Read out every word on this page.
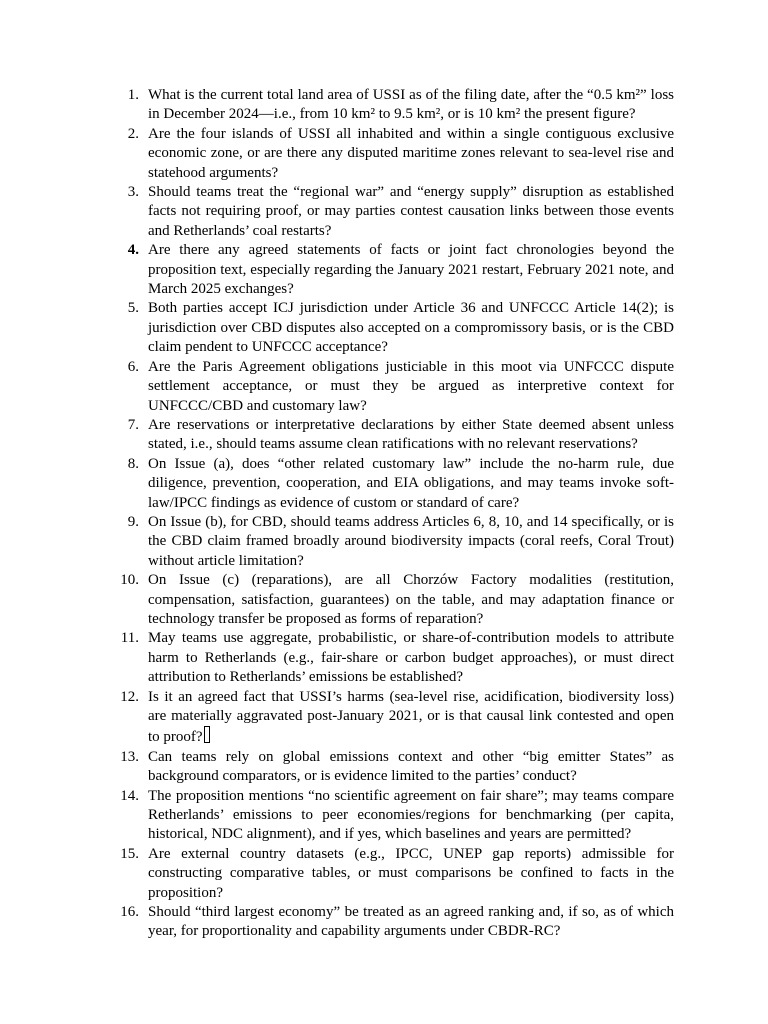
1. What is the current total land area of USSI as of the filing date, after the “0.5 km²” loss in December 2024—i.e., from 10 km² to 9.5 km², or is 10 km² the present figure?
2. Are the four islands of USSI all inhabited and within a single contiguous exclusive economic zone, or are there any disputed maritime zones relevant to sea-level rise and statehood arguments?
3. Should teams treat the “regional war” and “energy supply” disruption as established facts not requiring proof, or may parties contest causation links between those events and Retherlands’ coal restarts?
4. Are there any agreed statements of facts or joint fact chronologies beyond the proposition text, especially regarding the January 2021 restart, February 2021 note, and March 2025 exchanges?
5. Both parties accept ICJ jurisdiction under Article 36 and UNFCCC Article 14(2); is jurisdiction over CBD disputes also accepted on a compromissory basis, or is the CBD claim pendent to UNFCCC acceptance?
6. Are the Paris Agreement obligations justiciable in this moot via UNFCCC dispute settlement acceptance, or must they be argued as interpretive context for UNFCCC/CBD and customary law?
7. Are reservations or interpretative declarations by either State deemed absent unless stated, i.e., should teams assume clean ratifications with no relevant reservations?
8. On Issue (a), does “other related customary law” include the no-harm rule, due diligence, prevention, cooperation, and EIA obligations, and may teams invoke soft-law/IPCC findings as evidence of custom or standard of care?
9. On Issue (b), for CBD, should teams address Articles 6, 8, 10, and 14 specifically, or is the CBD claim framed broadly around biodiversity impacts (coral reefs, Coral Trout) without article limitation?
10. On Issue (c) (reparations), are all Chorzów Factory modalities (restitution, compensation, satisfaction, guarantees) on the table, and may adaptation finance or technology transfer be proposed as forms of reparation?
11. May teams use aggregate, probabilistic, or share-of-contribution models to attribute harm to Retherlands (e.g., fair-share or carbon budget approaches), or must direct attribution to Retherlands’ emissions be established?
12. Is it an agreed fact that USSI’s harms (sea-level rise, acidification, biodiversity loss) are materially aggravated post-January 2021, or is that causal link contested and open to proof?
13. Can teams rely on global emissions context and other “big emitter States” as background comparators, or is evidence limited to the parties’ conduct?
14. The proposition mentions “no scientific agreement on fair share”; may teams compare Retherlands’ emissions to peer economies/regions for benchmarking (per capita, historical, NDC alignment), and if yes, which baselines and years are permitted?
15. Are external country datasets (e.g., IPCC, UNEP gap reports) admissible for constructing comparative tables, or must comparisons be confined to facts in the proposition?
16. Should “third largest economy” be treated as an agreed ranking and, if so, as of which year, for proportionality and capability arguments under CBDR-RC?
